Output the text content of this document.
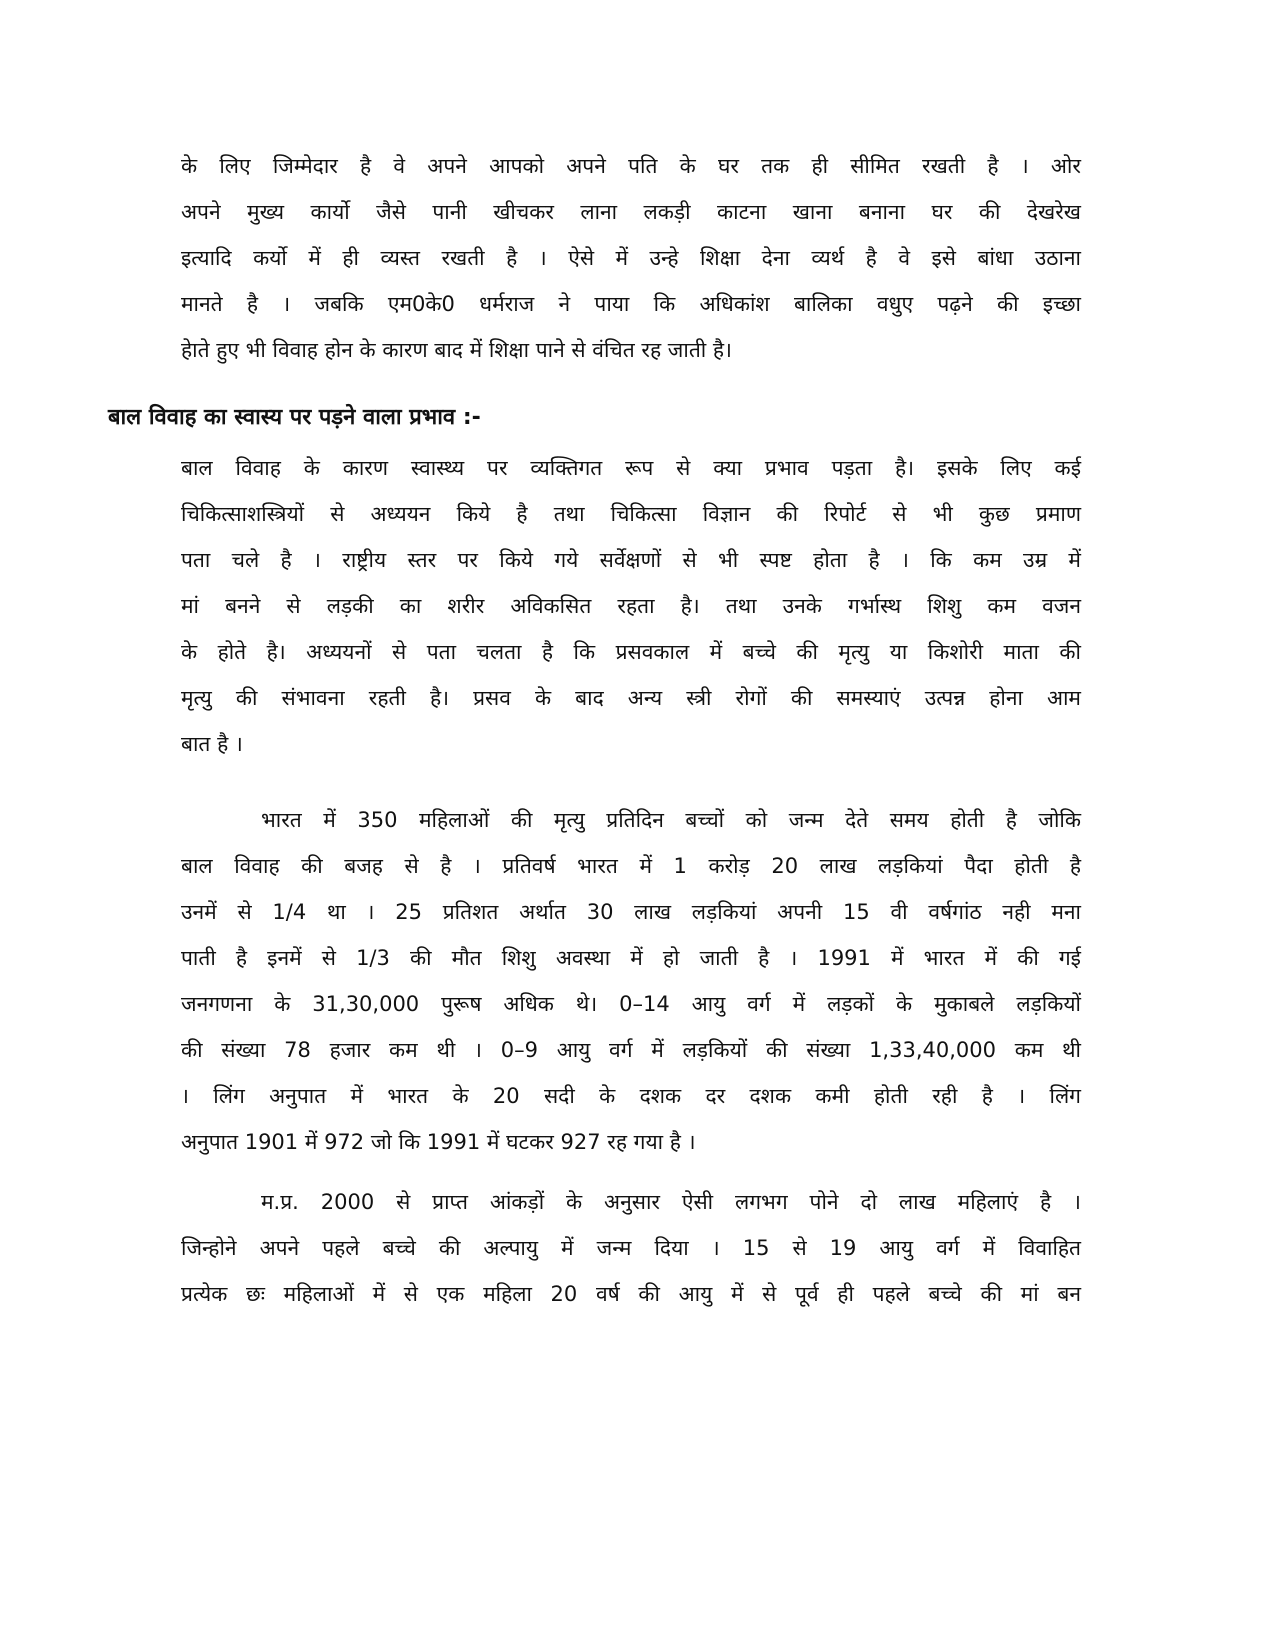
के लिए जिम्मेदार है वे अपने आपको अपने पति के घर तक ही सीमित रखती है । ओर
अपने मुख्य कार्यो जैसे पानी खीचकर लाना लकड़ी काटना खाना बनाना घर की देखरेख
इत्यादि कर्यो में ही व्यस्त रखती है । ऐसे में उन्हे शिक्षा देना व्यर्थ है वे इसे बांधा उठाना
मानते है । जबकि एम0के0 धर्मराज ने पाया कि अधिकांश बालिका वधुए पढ़ने की इच्छा
हेाते हुए भी विवाह होन के कारण बाद में शिक्षा पाने से वंचित रह जाती है।
बाल विवाह का स्वास्य पर पड़ने वाला प्रभाव :-
बाल विवाह के कारण स्वास्थ्य पर व्यक्तिगत रूप से क्या प्रभाव पड़ता है। इसके लिए कई
चिकित्साशस्त्रियों से अध्ययन किये है तथा चिकित्सा विज्ञान की रिपोर्ट से भी कुछ प्रमाण
पता चले है । राष्ट्रीय स्तर पर किये गये सर्वेक्षणों से भी स्पष्ट होता है । कि कम उम्र में
मां बनने से लड़की का शरीर अविकसित रहता है। तथा उनके गर्भास्थ शिशु कम वजन
के होते है। अध्ययनों से पता चलता है कि प्रसवकाल में बच्चे की मृत्यु या किशोरी माता की
मृत्यु की संभावना रहती है। प्रसव के बाद अन्य स्त्री रोगों की समस्याएं उत्पन्न होना आम
बात है ।
भारत में 350 महिलाओं की मृत्यु प्रतिदिन बच्चों को जन्म देते समय होती है जोकि
बाल विवाह की बजह से है । प्रतिवर्ष भारत में 1 करोड़ 20 लाख लड़कियां पैदा होती है
उनमें से 1/4 था । 25 प्रतिशत अर्थात 30 लाख लड़कियां अपनी 15 वी वर्षगांठ नही मना
पाती है इनमें से 1/3 की मौत शिशु अवस्था में हो जाती है । 1991 में भारत में की गई
जनगणना के 31,30,000 पुरूष अधिक थे। 0–14 आयु वर्ग में लड़कों के मुकाबले लड़कियों
की संख्या 78 हजार कम थी । 0–9 आयु वर्ग में लड़कियों की संख्या 1,33,40,000 कम थी
। लिंग अनुपात में भारत के 20 सदी के दशक दर दशक कमी होती रही है । लिंग
अनुपात 1901 में 972 जो कि 1991 में घटकर 927 रह गया है ।
म.प्र. 2000 से प्राप्त आंकड़ों के अनुसार ऐसी लगभग पोने दो लाख महिलाएं है ।
जिन्होने अपने पहले बच्चे की अल्पायु में जन्म दिया । 15 से 19 आयु वर्ग में विवाहित
प्रत्येक छः महिलाओं में से एक महिला 20 वर्ष की आयु में से पूर्व ही पहले बच्चे की मां बन
